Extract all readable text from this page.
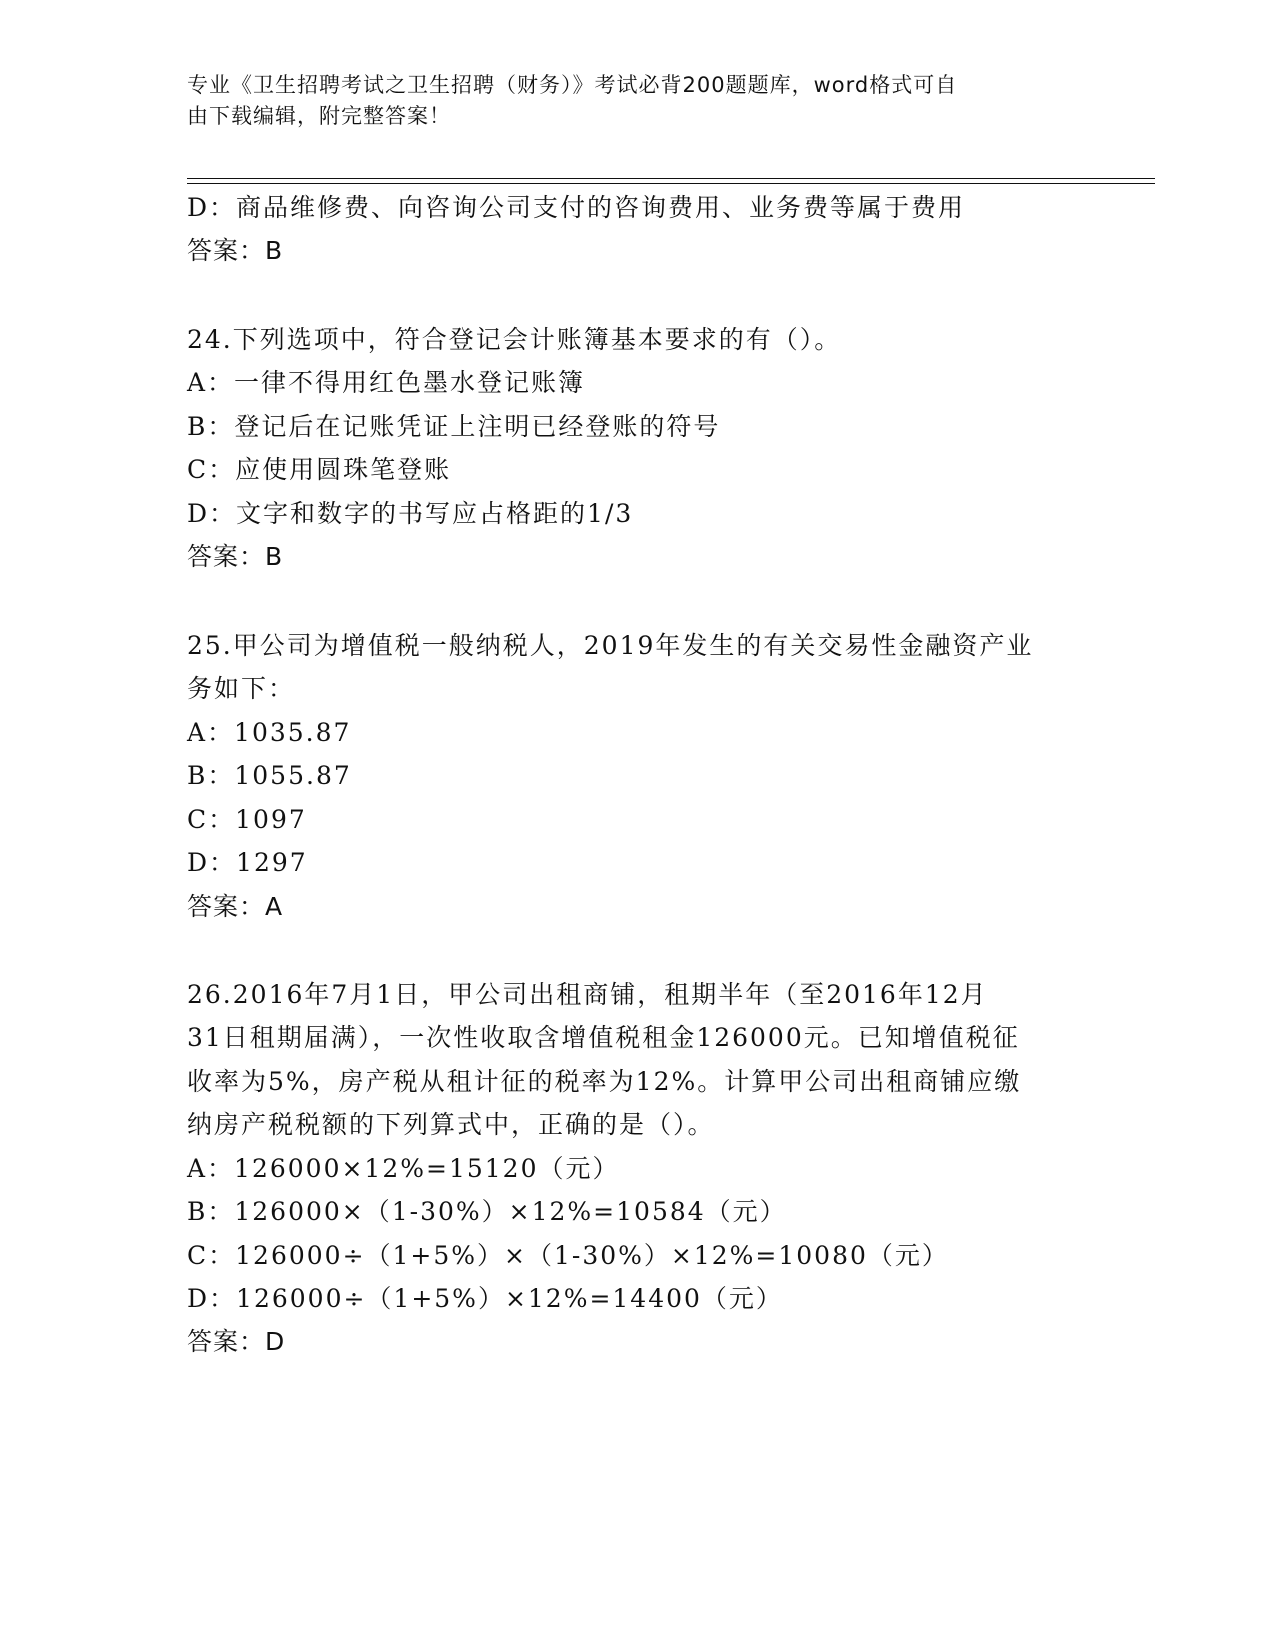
专业《卫生招聘考试之卫生招聘（财务）》考试必背200题题库，word格式可自
由下载编辑，附完整答案！
D：商品维修费、向咨询公司支付的咨询费用、业务费等属于费用
答案：B
24.下列选项中，符合登记会计账簿基本要求的有（）。
A：一律不得用红色墨水登记账簿
B：登记后在记账凭证上注明已经登账的符号
C：应使用圆珠笔登账
D：文字和数字的书写应占格距的1/3
答案：B
25.甲公司为增值税一般纳税人，2019年发生的有关交易性金融资产业
务如下：
A：1035.87
B：1055.87
C：1097
D：1297
答案：A
26.2016年7月1日，甲公司出租商铺，租期半年（至2016年12月
31日租期届满），一次性收取含增值税租金126000元。已知增值税征
收率为5%，房产税从租计征的税率为12%。计算甲公司出租商铺应缴
纳房产税税额的下列算式中，正确的是（）。
A：126000×12%=15120（元）
B：126000×（1-30%）×12%=10584（元）
C：126000÷（1+5%）×（1-30%）×12%=10080（元）
D：126000÷（1+5%）×12%=14400（元）
答案：D
